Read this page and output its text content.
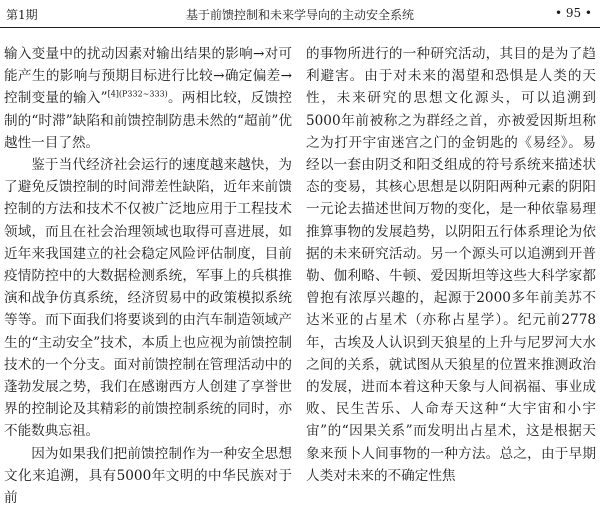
第1期	基于前馈控制和未来学导向的主动安全系统	• 95 •

输入变量中的扰动因素对输出结果的影响→对可能产生的影响与预期目标进行比较→确定偏差→控制变量的输入”$^{[4](P332\sim 333)}$。两相比较，反馈控制的“时滞”缺陷和前馈控制防患未然的“超前”优越性一目了然。

鉴于当代经济社会运行的速度越来越快，为了避免反馈控制的时间滞差性缺陷，近年来前馈控制的方法和技术不仅被广泛地应用于工程技术领域，而且在社会治理领域也取得可喜进展，如近年来我国建立的社会稳定风险评估制度，目前疫情防控中的大数据检测系统，军事上的兵棋推演和战争仿真系统，经济贸易中的政策模拟系统等等。而下面我们将要谈到的由汽车制造领域产生的“主动安全”技术，本质上也应视为前馈控制技术的一个分支。面对前馈控制在管理活动中的蓬勃发展之势，我们在感谢西方人创建了享誉世界的控制论及其精彩的前馈控制系统的同时，亦不能数典忘祖。

因为如果我们把前馈控制作为一种安全思想文化来追溯，具有5000年文明的中华民族对于前

的事物所进行的一种研究活动，其目的是为了趋利避害。由于对未来的渴望和恐惧是人类的天性，未来研究的思想文化源头，可以追溯到5000年前被称之为群经之首，亦被爱因斯坦称之为打开宇宙迷宫之门的金钥匙的《易经》。易经以一套由阴爻和阳爻组成的符号系统来描述状态的变易，其核心思想是以阴阳两种元素的阴阳一元论去描述世间万物的变化，是一种依靠易理推算事物的发展趋势，以阴阳五行体系理论为依据的未来研究活动。另一个源头可以追溯到开普勒、伽利略、牛顿、爱因斯坦等这些大科学家都曾抱有浓厚兴趣的，起源于2000多年前美苏不达米亚的占星术（亦称占星学）。纪元前2778年，古埃及人认识到天狼星的上升与尼罗河大水之间的关系，就试图从天狼星的位置来推测政治的发展，进而本着这种天象与人间祸福、事业成败、民生苦乐、人命寿天这种“大宇宙和小宇宙”的“因果关系”而发明出占星术，这是根据天象来预卜人间事物的一种方法。总之，由于早期人类对未来的不确定性焦
